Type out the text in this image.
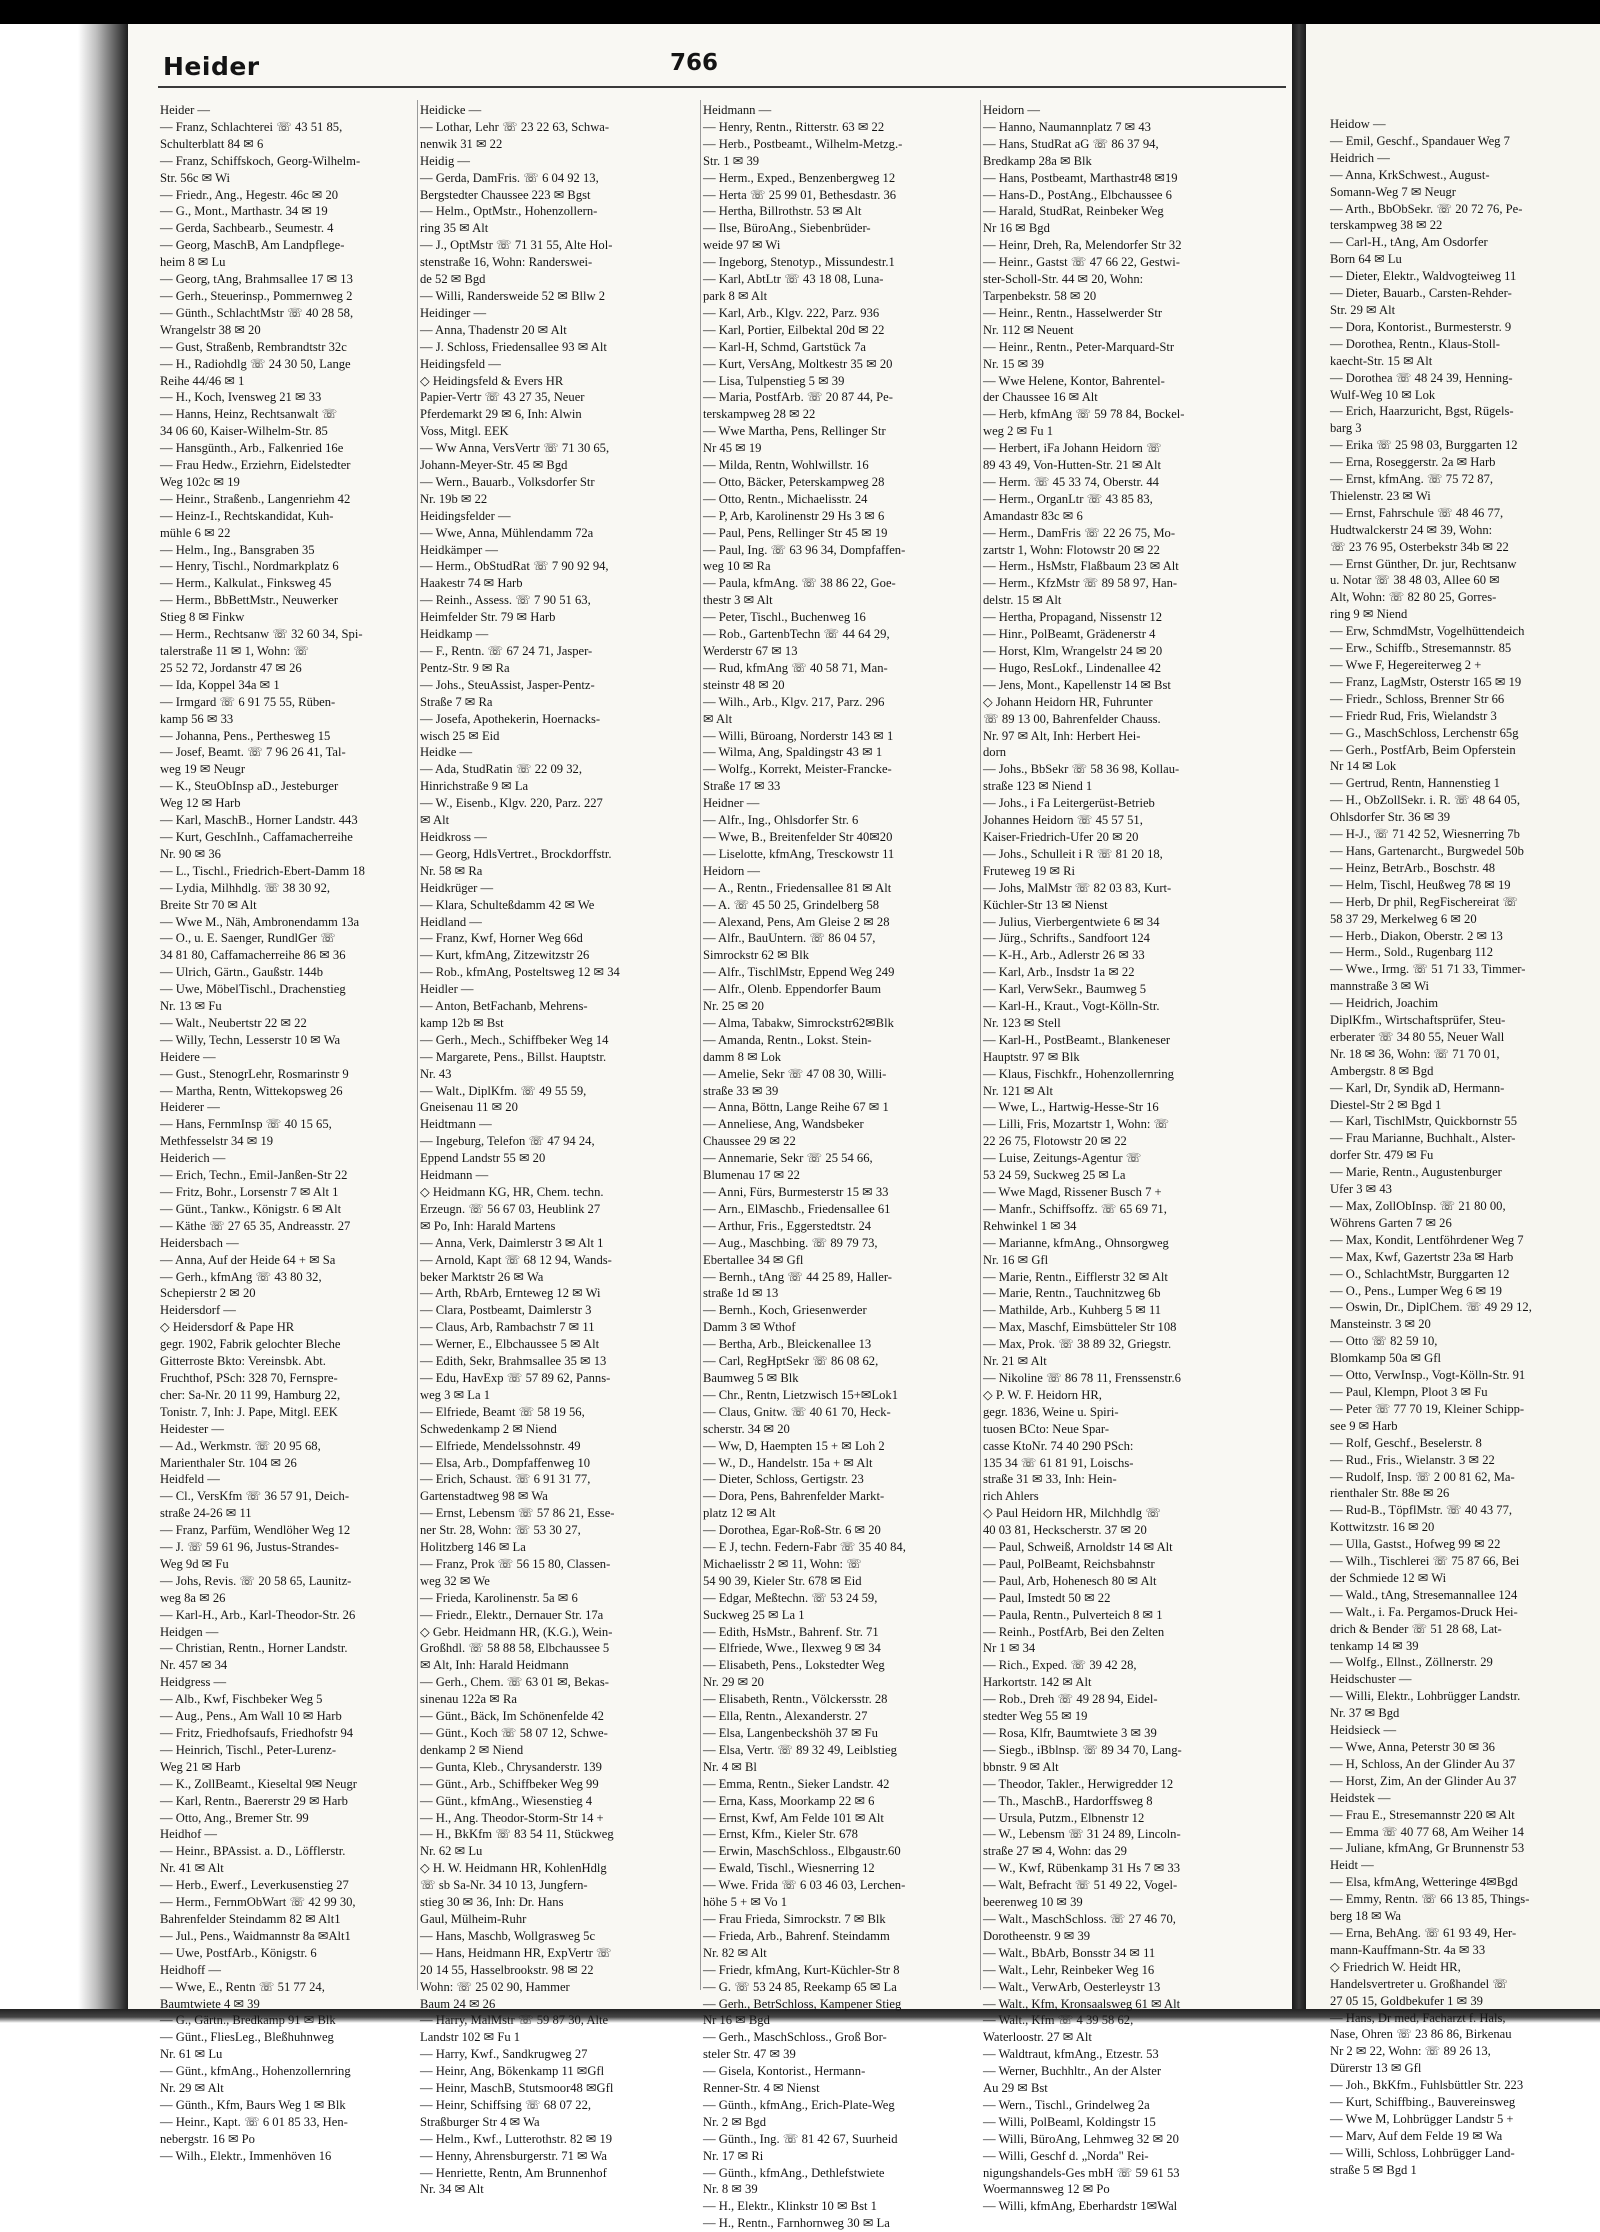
Heider	766
Heider —
— Franz, Schlachterei ☏ 43 51 85,
Schulterblatt 84 ✉ 6
— Franz, Schiffskoch, Georg-Wilhelm-
Str. 56c ✉ Wi
— Friedr., Ang., Hegestr. 46c ✉ 20
— G., Mont., Marthastr. 34 ✉ 19
— Gerda, Sachbearb., Seumestr. 4
— Georg, MaschB, Am Landpflege-
heim 8 ✉ Lu
— Georg, tAng, Brahmsallee 17 ✉ 13
— Gerh., Steuerinsp., Pommernweg 2
— Günth., SchlachtMstr ☏ 40 28 58,
Wrangelstr 38 ✉ 20
— Gust, Straßenb, Rembrandtstr 32c
— H., Radiohdlg ☏ 24 30 50, Lange
Reihe 44/46 ✉ 1
— H., Koch, Ivensweg 21 ✉ 33
— Hanns, Heinz, Rechtsanwalt ☏
34 06 60, Kaiser-Wilhelm-Str. 85
— Hansgünth., Arb., Falkenried 16e
— Frau Hedw., Erziehrn, Eidelstedter
Weg 102c ✉ 19
— Heinr., Straßenb., Langenriehm 42
— Heinz-I., Rechtskandidat, Kuh-
mühle 6 ✉ 22
— Helm., Ing., Bansgraben 35
— Henry, Tischl., Nordmarkplatz 6
— Herm., Kalkulat., Finksweg 45
— Herm., BbBettMstr., Neuwerker
Stieg 8 ✉ Finkw
— Herm., Rechtsanw ☏ 32 60 34, Spi-
talerstraße 11 ✉ 1, Wohn: ☏
25 52 72, Jordanstr 47 ✉ 26
— Ida, Koppel 34a ✉ 1
— Irmgard ☏ 6 91 75 55, Rüben-
kamp 56 ✉ 33
— Johanna, Pens., Perthesweg 15
— Josef, Beamt. ☏ 7 96 26 41, Tal-
weg 19 ✉ Neugr
— K., SteuObInsp aD., Jesteburger
Weg 12 ✉ Harb
— Karl, MaschB., Horner Landstr. 443
— Kurt, GeschInh., Caffamacherreihe
Nr. 90 ✉ 36
— L., Tischl., Friedrich-Ebert-Damm 18
— Lydia, Milhhdlg. ☏ 38 30 92,
Breite Str 70 ✉ Alt
— Wwe M., Näh, Ambronendamm 13a
— O., u. E. Saenger, RundlGer ☏
34 81 80, Caffamacherreihe 86 ✉ 36
— Ulrich, Gärtn., Gaußstr. 144b
— Uwe, MöbelTischl., Drachenstieg
Nr. 13 ✉ Fu
— Walt., Neubertstr 22 ✉ 22
— Willy, Techn, Lesserstr 10 ✉ Wa
Heidere —
— Gust., StenogrLehr, Rosmarinstr 9
— Martha, Rentn, Wittekopsweg 26
Heiderer —
— Hans, FernmInsp ☏ 40 15 65,
Methfesselstr 34 ✉ 19
Heiderich —
— Erich, Techn., Emil-Janßen-Str 22
— Fritz, Bohr., Lorsenstr 7 ✉ Alt 1
— Günt., Tankw., Königstr. 6 ✉ Alt
— Käthe ☏ 27 65 35, Andreasstr. 27
Heidersbach —
— Anna, Auf der Heide 64 + ✉ Sa
— Gerh., kfmAng ☏ 43 80 32,
Schepierstr 2 ✉ 20
Heidersdorf —
◇ Heidersdorf & Pape HR
gegr. 1902, Fabrik gelochter Bleche
Gitterroste Bkto: Vereinsbk. Abt.
Fruchthof, PSch: 328 70, Fernspre-
cher: Sa-Nr. 20 11 99, Hamburg 22,
Tonistr. 7, Inh: J. Pape, Mitgl. EEK
Heidester —
— Ad., Werkmstr. ☏ 20 95 68,
Marienthaler Str. 104 ✉ 26
Heidfeld —
— Cl., VersKfm ☏ 36 57 91, Deich-
straße 24-26 ✉ 11
— Franz, Parfüm, Wendlöher Weg 12
— J. ☏ 59 61 96, Justus-Strandes-
Weg 9d ✉ Fu
— Johs, Revis. ☏ 20 58 65, Launitz-
weg 8a ✉ 26
— Karl-H., Arb., Karl-Theodor-Str. 26
Heidgen —
— Christian, Rentn., Horner Landstr.
Nr. 457 ✉ 34
Heidgress —
— Alb., Kwf, Fischbeker Weg 5
— Aug., Pens., Am Wall 10 ✉ Harb
— Fritz, Friedhofsaufs, Friedhofstr 94
— Heinrich, Tischl., Peter-Lurenz-
Weg 21 ✉ Harb
— K., ZollBeamt., Kieseltal 9✉ Neugr
— Karl, Rentn., Baererstr 29 ✉ Harb
— Otto, Ang., Bremer Str. 99
Heidhof —
— Heinr., BPAssist. a. D., Löfflerstr.
Nr. 41 ✉ Alt
— Herb., Ewerf., Leverkusenstieg 27
— Herm., FernmObWart ☏ 42 99 30,
Bahrenfelder Steindamm 82 ✉ Alt1
— Jul., Pens., Waidmannstr 8a ✉Alt1
— Uwe, PostfArb., Königstr. 6
Heidhoff —
— Wwe, E., Rentn ☏ 51 77 24,
Baumtwiete 4 ✉ 39
— G., Gärtn., Bredkamp 91 ✉ Blk
— Günt., FliesLeg., Bleßhuhnweg
Nr. 61 ✉ Lu
— Günt., kfmAng., Hohenzollernring
Nr. 29 ✉ Alt
— Günth., Kfm, Baurs Weg 1 ✉ Blk
— Heinr., Kapt. ☏ 6 01 85 33, Hen-
nebergstr. 16 ✉ Po
— Wilh., Elektr., Immenhöven 16
Heidicke —
— Lothar, Lehr ☏ 23 22 63, Schwa-
nenwik 31 ✉ 22
Heidig —
— Gerda, DamFris. ☏ 6 04 92 13,
Bergstedter Chaussee 223 ✉ Bgst
— Helm., OptMstr., Hohenzollern-
ring 35 ✉ Alt
— J., OptMstr ☏ 71 31 55, Alte Hol-
stenstraße 16, Wohn: Randerswei-
de 52 ✉ Bgd
— Willi, Randersweide 52 ✉ Bllw 2
Heidinger —
— Anna, Thadenstr 20 ✉ Alt
— J. Schloss, Friedensallee 93 ✉ Alt
Heidingsfeld —
◇ Heidingsfeld & Evers HR
Papier-Vertr ☏ 43 27 35, Neuer
Pferdemarkt 29 ✉ 6, Inh: Alwin
Voss, Mitgl. EEK
— Ww Anna, VersVertr ☏ 71 30 65,
Johann-Meyer-Str. 45 ✉ Bgd
— Wern., Bauarb., Volksdorfer Str
Nr. 19b ✉ 22
Heidingsfelder —
— Wwe, Anna, Mühlendamm 72a
Heidkämper —
— Herm., ObStudRat ☏ 7 90 92 94,
Haakestr 74 ✉ Harb
— Reinh., Assess. ☏ 7 90 51 63,
Heimfelder Str. 79 ✉ Harb
Heidkamp —
— F., Rentn. ☏ 67 24 71, Jasper-
Pentz-Str. 9 ✉ Ra
— Johs., SteuAssist, Jasper-Pentz-
Straße 7 ✉ Ra
— Josefa, Apothekerin, Hoernacks-
wisch 25 ✉ Eid
Heidke —
— Ada, StudRatin ☏ 22 09 32,
Hinrichstraße 9 ✉ La
— W., Eisenb., Klgv. 220, Parz. 227
✉ Alt
Heidkross —
— Georg, HdlsVertret., Brockdorffstr.
Nr. 58 ✉ Ra
Heidkrüger —
— Klara, Schulteßdamm 42 ✉ We
Heidland —
— Franz, Kwf, Horner Weg 66d
— Kurt, kfmAng, Zitzewitzstr 26
— Rob., kfmAng, Posteltsweg 12 ✉ 34
Heidler —
— Anton, BetFachanb, Mehrens-
kamp 12b ✉ Bst
— Gerh., Mech., Schiffbeker Weg 14
— Margarete, Pens., Billst. Hauptstr.
Nr. 43
— Walt., DiplKfm. ☏ 49 55 59,
Gneisenau 11 ✉ 20
Heidtmann —
— Ingeburg, Telefon ☏ 47 94 24,
Eppend Landstr 55 ✉ 20
Heidmann —
◇ Heidmann KG, HR, Chem. techn.
Erzeugn. ☏ 56 67 03, Heublink 27
✉ Po, Inh: Harald Martens
— Anna, Verk, Daimlerstr 3 ✉ Alt 1
— Arnold, Kapt ☏ 68 12 94, Wands-
beker Marktstr 26 ✉ Wa
— Arth, RbArb, Ernteweg 12 ✉ Wi
— Clara, Postbeamt, Daimlerstr 3
— Claus, Arb, Rambachstr 7 ✉ 11
— Werner, E., Elbchaussee 5 ✉ Alt
— Edith, Sekr, Brahmsallee 35 ✉ 13
— Edu, HavExp ☏ 57 89 62, Panns-
weg 3 ✉ La 1
— Elfriede, Beamt ☏ 58 19 56,
Schwedenkamp 2 ✉ Niend
— Elfriede, Mendelssohnstr. 49
— Elsa, Arb., Dompfaffenweg 10
— Erich, Schaust. ☏ 6 91 31 77,
Gartenstadtweg 98 ✉ Wa
— Ernst, Lebensm ☏ 57 86 21, Esse-
ner Str. 28, Wohn: ☏ 53 30 27,
Holitzberg 146 ✉ La
— Franz, Prok ☏ 56 15 80, Classen-
weg 32 ✉ We
— Frieda, Karolinenstr. 5a ✉ 6
— Friedr., Elektr., Dernauer Str. 17a
◇ Gebr. Heidmann HR, (K.G.), Wein-
Großhdl. ☏ 58 88 58, Elbchaussee 5
✉ Alt, Inh: Harald Heidmann
— Gerh., Chem. ☏ 63 01 ✉, Bekas-
sinenau 122a ✉ Ra
— Günt., Bäck, Im Schönenfelde 42
— Günt., Koch ☏ 58 07 12, Schwe-
denkamp 2 ✉ Niend
— Gunta, Kleb., Chrysanderstr. 139
— Günt., Arb., Schiffbeker Weg 99
— Günt., kfmAng., Wiesenstieg 4
— H., Ang. Theodor-Storm-Str 14 +
— H., BkKfm ☏ 83 54 11, Stückweg
Nr. 62 ✉ Lu
◇ H. W. Heidmann HR, KohlenHdlg
☏ sb Sa-Nr. 34 10 13, Jungfern-
stieg 30 ✉ 36, Inh: Dr. Hans
Gaul, Mülheim-Ruhr
— Hans, Maschb, Wollgrasweg 5c
— Hans, Heidmann HR, ExpVertr ☏
20 14 55, Hasselbrookstr. 98 ✉ 22
Wohn: ☏ 25 02 90, Hammer
Baum 24 ✉ 26
— Harry, MalMstr ☏ 59 87 30, Alte
Landstr 102 ✉ Fu 1
— Harry, Kwf., Sandkrugweg 27
— Heinr, Ang, Bökenkamp 11 ✉Gfl
— Heinr, MaschB, Stutsmoor48 ✉Gfl
— Heinr, Schiffsing ☏ 68 07 22,
Straßburger Str 4 ✉ Wa
— Helm., Kwf., Lutterothstr. 82 ✉ 19
— Henny, Ahrensburgerstr. 71 ✉ Wa
— Henriette, Rentn, Am Brunnenhof
Nr. 34 ✉ Alt
Heidmann —
— Henry, Rentn., Ritterstr. 63 ✉ 22
— Herb., Postbeamt., Wilhelm-Metzg.-
Str. 1 ✉ 39
— Herm., Exped., Benzenbergweg 12
— Herta ☏ 25 99 01, Bethesdastr. 36
— Hertha, Billrothstr. 53 ✉ Alt
— Ilse, BüroAng., Siebenbrüder-
weide 97 ✉ Wi
— Ingeborg, Stenotyp., Missundestr.1
— Karl, AbtLtr ☏ 43 18 08, Luna-
park 8 ✉ Alt
— Karl, Arb., Klgv. 222, Parz. 936
— Karl, Portier, Eilbektal 20d ✉ 22
— Karl-H, Schmd, Gartstück 7a
— Kurt, VersAng, Moltkestr 35 ✉ 20
— Lisa, Tulpenstieg 5 ✉ 39
— Maria, PostfArb. ☏ 20 87 44, Pe-
terskampweg 28 ✉ 22
— Wwe Martha, Pens, Rellinger Str
Nr 45 ✉ 19
— Milda, Rentn, Wohlwillstr. 16
— Otto, Bäcker, Peterskampweg 28
— Otto, Rentn., Michaelisstr. 24
— P, Arb, Karolinenstr 29 Hs 3 ✉ 6
— Paul, Pens, Rellinger Str 45 ✉ 19
— Paul, Ing. ☏ 63 96 34, Dompfaffen-
weg 10 ✉ Ra
— Paula, kfmAng. ☏ 38 86 22, Goe-
thestr 3 ✉ Alt
— Peter, Tischl., Buchenweg 16
— Rob., GartenbTechn ☏ 44 64 29,
Werderstr 67 ✉ 13
— Rud, kfmAng ☏ 40 58 71, Man-
steinstr 48 ✉ 20
— Wilh., Arb., Klgv. 217, Parz. 296
✉ Alt
— Willi, Büroang, Norderstr 143 ✉ 1
— Wilma, Ang, Spaldingstr 43 ✉ 1
— Wolfg., Korrekt, Meister-Francke-
Straße 17 ✉ 33
Heidner —
— Alfr., Ing., Ohlsdorfer Str. 6
— Wwe, B., Breitenfelder Str 40✉20
— Liselotte, kfmAng, Tresckowstr 11
Heidorn —
— A., Rentn., Friedensallee 81 ✉ Alt
— A. ☏ 45 50 25, Grindelberg 58
— Alexand, Pens, Am Gleise 2 ✉ 28
— Alfr., BauUntern. ☏ 86 04 57,
Simrockstr 62 ✉ Blk
— Alfr., TischlMstr, Eppend Weg 249
— Alfr., Olenb. Eppendorfer Baum
Nr. 25 ✉ 20
— Alma, Tabakw, Simrockstr62✉Blk
— Amanda, Rentn., Lokst. Stein-
damm 8 ✉ Lok
— Amelie, Sekr ☏ 47 08 30, Willi-
straße 33 ✉ 39
— Anna, Böttn, Lange Reihe 67 ✉ 1
— Anneliese, Ang, Wandsbeker
Chaussee 29 ✉ 22
— Annemarie, Sekr ☏ 25 54 66,
Blumenau 17 ✉ 22
— Anni, Fürs, Burmesterstr 15 ✉ 33
— Arn., ElMaschb., Friedensallee 61
— Arthur, Fris., Eggerstedtstr. 24
— Aug., Maschbing. ☏ 89 79 73,
Ebertallee 34 ✉ Gfl
— Bernh., tAng ☏ 44 25 89, Haller-
straße 1d ✉ 13
— Bernh., Koch, Griesenwerder
Damm 3 ✉ Wthof
— Bertha, Arb., Bleickenallee 13
— Carl, RegHptSekr ☏ 86 08 62,
Baumweg 5 ✉ Blk
— Chr., Rentn, Lietzwisch 15+✉Lok1
— Claus, Gnitw. ☏ 40 61 70, Heck-
scherstr. 34 ✉ 20
— Ww, D, Haempten 15 + ✉ Loh 2
— W., D., Handelstr. 15a + ✉ Alt
— Dieter, Schloss, Gertigstr. 23
— Dora, Pens, Bahrenfelder Markt-
platz 12 ✉ Alt
— Dorothea, Egar-Roß-Str. 6 ✉ 20
— E J, techn. Federn-Fabr ☏ 35 40 84,
Michaelisstr 2 ✉ 11, Wohn: ☏
54 90 39, Kieler Str. 678 ✉ Eid
— Edgar, Meßtechn. ☏ 53 24 59,
Suckweg 25 ✉ La 1
— Edith, HsMstr., Bahrenf. Str. 71
— Elfriede, Wwe., Ilexweg 9 ✉ 34
— Elisabeth, Pens., Lokstedter Weg
Nr. 29 ✉ 20
— Elisabeth, Rentn., Völckersstr. 28
— Ella, Rentn., Alexanderstr. 27
— Elsa, Langenbeckshöh 37 ✉ Fu
— Elsa, Vertr. ☏ 89 32 49, Leiblstieg
Nr. 4 ✉ Bl
— Emma, Rentn., Sieker Landstr. 42
— Erna, Kass, Moorkamp 22 ✉ 6
— Ernst, Kwf, Am Felde 101 ✉ Alt
— Ernst, Kfm., Kieler Str. 678
— Erwin, MaschSchloss., Elbgaustr.60
— Ewald, Tischl., Wiesnerring 12
— Wwe. Frida ☏ 6 03 46 03, Lerchen-
höhe 5 + ✉ Vo 1
— Frau Frieda, Simrockstr. 7 ✉ Blk
— Frieda, Arb., Bahrenf. Steindamm
Nr. 82 ✉ Alt
— Friedr, kfmAng, Kurt-Küchler-Str 8
— G. ☏ 53 24 85, Reekamp 65 ✉ La
— Gerh., BetrSchloss, Kampener Stieg
Nr 16 ✉ Bgd
— Gerh., MaschSchloss., Groß Bor-
steler Str. 47 ✉ 39
— Gisela, Kontorist., Hermann-
Renner-Str. 4 ✉ Nienst
— Günth., kfmAng., Erich-Plate-Weg
Nr. 2 ✉ Bgd
— Günth., Ing. ☏ 81 42 67, Suurheid
Nr. 17 ✉ Ri
— Günth., kfmAng., Dethlefstwiete
Nr. 8 ✉ 39
— H., Elektr., Klinkstr 10 ✉ Bst 1
— H., Rentn., Farnhornweg 30 ✉ La
Heidorn —
— Hanno, Naumannplatz 7 ✉ 43
— Hans, StudRat aG ☏ 86 37 94,
Bredkamp 28a ✉ Blk
— Hans, Postbeamt, Marthastr48 ✉19
— Hans-D., PostAng., Elbchaussee 6
— Harald, StudRat, Reinbeker Weg
Nr 16 ✉ Bgd
— Heinr, Dreh, Ra, Melendorfer Str 32
— Heinr., Gastst ☏ 47 66 22, Gestwi-
ster-Scholl-Str. 44 ✉ 20, Wohn:
Tarpenbekstr. 58 ✉ 20
— Heinr., Rentn., Hasselwerder Str
Nr. 112 ✉ Neuent
— Heinr., Rentn., Peter-Marquard-Str
Nr. 15 ✉ 39
— Wwe Helene, Kontor, Bahrentel-
der Chaussee 16 ✉ Alt
— Herb, kfmAng ☏ 59 78 84, Bockel-
weg 2 ✉ Fu 1
— Herbert, iFa Johann Heidorn ☏
89 43 49, Von-Hutten-Str. 21 ✉ Alt
— Herm. ☏ 45 33 74, Oberstr. 44
— Herm., OrganLtr ☏ 43 85 83,
Amandastr 83c ✉ 6
— Herm., DamFris ☏ 22 26 75, Mo-
zartstr 1, Wohn: Flotowstr 20 ✉ 22
— Herm., HsMstr, Flaßbaum 23 ✉ Alt
— Herm., KfzMstr ☏ 89 58 97, Han-
delstr. 15 ✉ Alt
— Hertha, Propagand, Nissenstr 12
— Hinr., PolBeamt, Grädenerstr 4
— Horst, Klm, Wrangelstr 24 ✉ 20
— Hugo, ResLokf., Lindenallee 42
— Jens, Mont., Kapellenstr 14 ✉ Bst
◇ Johann Heidorn HR, Fuhrunter
☏ 89 13 00, Bahrenfelder Chauss.
Nr. 97 ✉ Alt, Inh: Herbert Hei-
dorn
— Johs., BbSekr ☏ 58 36 98, Kollau-
straße 123 ✉ Niend 1
— Johs., i Fa Leitergerüst-Betrieb
Johannes Heidorn ☏ 45 57 51,
Kaiser-Friedrich-Ufer 20 ✉ 20
— Johs., Schulleit i R ☏ 81 20 18,
Fruteweg 19 ✉ Ri
— Johs, MalMstr ☏ 82 03 83, Kurt-
Küchler-Str 13 ✉ Nienst
— Julius, Vierbergentwiete 6 ✉ 34
— Jürg., Schrifts., Sandfoort 124
— K-H., Arb., Adlerstr 26 ✉ 33
— Karl, Arb., Insdstr 1a ✉ 22
— Karl, VerwSekr., Baumweg 5
— Karl-H., Kraut., Vogt-Kölln-Str.
Nr. 123 ✉ Stell
— Karl-H., PostBeamt., Blankeneser
Hauptstr. 97 ✉ Blk
— Klaus, Fischkfr., Hohenzollernring
Nr. 121 ✉ Alt
— Wwe, L., Hartwig-Hesse-Str 16
— Lilli, Fris, Mozartstr 1, Wohn: ☏
22 26 75, Flotowstr 20 ✉ 22
— Luise, Zeitungs-Agentur ☏
53 24 59, Suckweg 25 ✉ La
— Wwe Magd, Rissener Busch 7 +
— Manfr., Schiffsoffz. ☏ 65 69 71,
Rehwinkel 1 ✉ 34
— Marianne, kfmAng., Ohnsorgweg
Nr. 16 ✉ Gfl
— Marie, Rentn., Eifflerstr 32 ✉ Alt
— Marie, Rentn., Tauchnitzweg 6b
— Mathilde, Arb., Kuhberg 5 ✉ 11
— Max, Maschf, Eimsbütteler Str 108
— Max, Prok. ☏ 38 89 32, Griegstr.
Nr. 21 ✉ Alt
— Nikoline ☏ 86 78 11, Frenssenstr.6
◇ P. W. F. Heidorn HR,
gegr. 1836, Weine u. Spiri-
tuosen BCto: Neue Spar-
casse KtoNr. 74 40 290 PSch:
135 34 ☏ 61 81 91, Loischs-
straße 31 ✉ 33, Inh: Hein-
rich Ahlers
◇ Paul Heidorn HR, Milchhdlg ☏
40 03 81, Heckscherstr. 37 ✉ 20
— Paul, Schweiß, Arnoldstr 14 ✉ Alt
— Paul, PolBeamt, Reichsbahnstr
— Paul, Arb, Hohenesch 80 ✉ Alt
— Paul, Imstedt 50 ✉ 22
— Paula, Rentn., Pulverteich 8 ✉ 1
— Reinh., PostfArb, Bei den Zelten
Nr 1 ✉ 34
— Rich., Exped. ☏ 39 42 28,
Harkortstr. 142 ✉ Alt
— Rob., Dreh ☏ 49 28 94, Eidel-
stedter Weg 55 ✉ 19
— Rosa, Klfr, Baumtwiete 3 ✉ 39
— Siegb., iBblnsp. ☏ 89 34 70, Lang-
bbnstr. 9 ✉ Alt
— Theodor, Takler., Herwigredder 12
— Th., MaschB., Hardorffsweg 8
— Ursula, Putzm., Elbnenstr 12
— W., Lebensm ☏ 31 24 89, Lincoln-
straße 27 ✉ 4, Wohn: das 29
— W., Kwf, Rübenkamp 31 Hs 7 ✉ 33
— Walt, Befracht ☏ 51 49 22, Vogel-
beerenweg 10 ✉ 39
— Walt., MaschSchloss. ☏ 27 46 70,
Dorotheenstr. 9 ✉ 39
— Walt., BbArb, Bonsstr 34 ✉ 11
— Walt., Lehr, Reinbeker Weg 16
— Walt., VerwArb, Oesterleystr 13
— Walt., Kfm, Kronsaalsweg 61 ✉ Alt
— Walt., Kfm ☏ 4 39 58 62,
Waterloostr. 27 ✉ Alt
— Waldtraut, kfmAng., Etzestr. 53
— Werner, Buchhltr., An der Alster
Au 29 ✉ Bst
— Wern., Tischl., Grindelweg 2a
— Willi, PolBeaml, Koldingstr 15
— Willi, BüroAng, Lehmweg 32 ✉ 20
— Willi, Geschf d. „Norda" Rei-
nigungshandels-Ges mbH ☏ 59 61 53
Woermannsweg 12 ✉ Po
— Willi, kfmAng, Eberhardstr 1✉Wal
Heidow —
— Emil, Geschf., Spandauer Weg 7
Heidrich —
— Anna, KrkSchwest., August-
Somann-Weg 7 ✉ Neugr
— Arth., BbObSekr. ☏ 20 72 76, Pe-
terskampweg 38 ✉ 22
— Carl-H., tAng, Am Osdorfer
Born 64 ✉ Lu
— Dieter, Elektr., Waldvogteiweg 11
— Dieter, Bauarb., Carsten-Rehder-
Str. 29 ✉ Alt
— Dora, Kontorist., Burmesterstr. 9
— Dorothea, Rentn., Klaus-Stoll-
kaecht-Str. 15 ✉ Alt
— Dorothea ☏ 48 24 39, Henning-
Wulf-Weg 10 ✉ Lok
— Erich, Haarzuricht, Bgst, Rügels-
barg 3
— Erika ☏ 25 98 03, Burggarten 12
— Erna, Roseggerstr. 2a ✉ Harb
— Ernst, kfmAng. ☏ 75 72 87,
Thielenstr. 23 ✉ Wi
— Ernst, Fahrschule ☏ 48 46 77,
Hudtwalckerstr 24 ✉ 39, Wohn:
☏ 23 76 95, Osterbekstr 34b ✉ 22
— Ernst Günther, Dr. jur, Rechtsanw
u. Notar ☏ 38 48 03, Allee 60 ✉
Alt, Wohn: ☏ 82 80 25, Gorres-
ring 9 ✉ Niend
— Erw, SchmdMstr, Vogelhüttendeich
— Erw., Schiffb., Stresemannstr. 85
— Wwe F, Hegereiterweg 2 +
— Franz, LagMstr, Osterstr 165 ✉ 19
— Friedr., Schloss, Brenner Str 66
— Friedr Rud, Fris, Wielandstr 3
— G., MaschSchloss, Lerchenstr 65g
— Gerh., PostfArb, Beim Opferstein
Nr 14 ✉ Lok
— Gertrud, Rentn, Hannenstieg 1
— H., ObZollSekr. i. R. ☏ 48 64 05,
Ohlsdorfer Str. 36 ✉ 39
— H-J., ☏ 71 42 52, Wiesnerring 7b
— Hans, Gartenarcht., Burgwedel 50b
— Heinz, BetrArb., Boschstr. 48
— Helm, Tischl, Heußweg 78 ✉ 19
— Herb, Dr phil, RegFischereirat ☏
58 37 29, Merkelweg 6 ✉ 20
— Herb., Diakon, Oberstr. 2 ✉ 13
— Herm., Sold., Rugenbarg 112
— Wwe., Irmg. ☏ 51 71 33, Timmer-
mannstraße 3 ✉ Wi
— Heidrich, Joachim
DiplKfm., Wirtschaftsprüfer, Steu-
erberater ☏ 34 80 55, Neuer Wall
Nr. 18 ✉ 36, Wohn: ☏ 71 70 01,
Ambergstr. 8 ✉ Bgd
— Karl, Dr, Syndik aD, Hermann-
Diestel-Str 2 ✉ Bgd 1
— Karl, TischlMstr, Quickbornstr 55
— Frau Marianne, Buchhalt., Alster-
dorfer Str. 479 ✉ Fu
— Marie, Rentn., Augustenburger
Ufer 3 ✉ 43
— Max, ZollObInsp. ☏ 21 80 00,
Wöhrens Garten 7 ✉ 26
— Max, Kondit, Lentföhrdener Weg 7
— Max, Kwf, Gazertstr 23a ✉ Harb
— O., SchlachtMstr, Burggarten 12
— O., Pens., Lumper Weg 6 ✉ 19
— Oswin, Dr., DiplChem. ☏ 49 29 12,
Mansteinstr. 3 ✉ 20
— Otto ☏ 82 59 10,
Blomkamp 50a ✉ Gfl
— Otto, VerwInsp., Vogt-Kölln-Str. 91
— Paul, Klempn, Ploot 3 ✉ Fu
— Peter ☏ 77 70 19, Kleiner Schipp-
see 9 ✉ Harb
— Rolf, Geschf., Beselerstr. 8
— Rud., Fris., Wielanstr. 3 ✉ 22
— Rudolf, Insp. ☏ 2 00 81 62, Ma-
rienthaler Str. 88e ✉ 26
— Rud-B., TöpflMstr. ☏ 40 43 77,
Kottwitzstr. 16 ✉ 20
— Ulla, Gastst., Hofweg 99 ✉ 22
— Wilh., Tischlerei ☏ 75 87 66, Bei
der Schmiede 12 ✉ Wi
— Wald., tAng, Stresemannallee 124
— Walt., i. Fa. Pergamos-Druck Hei-
drich & Bender ☏ 51 28 68, Lat-
tenkamp 14 ✉ 39
— Wolfg., Ellnst., Zöllnerstr. 29
Heidschuster —
— Willi, Elektr., Lohbrügger Landstr.
Nr. 37 ✉ Bgd
Heidsieck —
— Wwe, Anna, Peterstr 30 ✉ 36
— H, Schloss, An der Glinder Au 37
— Horst, Zim, An der Glinder Au 37
Heidstek —
— Frau E., Stresemannstr 220 ✉ Alt
— Emma ☏ 40 77 68, Am Weiher 14
— Juliane, kfmAng, Gr Brunnenstr 53
Heidt —
— Elsa, kfmAng, Wetteringe 4✉Bgd
— Emmy, Rentn. ☏ 66 13 85, Things-
berg 18 ✉ Wa
— Erna, BehAng. ☏ 61 93 49, Her-
mann-Kauffmann-Str. 4a ✉ 33
◇ Friedrich W. Heidt HR,
Handelsvertreter u. Großhandel ☏
27 05 15, Goldbekufer 1 ✉ 39
— Hans, Dr med, Facharzt f. Hals,
Nase, Ohren ☏ 23 86 86, Birkenau
Nr 2 ✉ 22, Wohn: ☏ 89 26 13,
Dürerstr 13 ✉ Gfl
— Joh., BkKfm., Fuhlsbüttler Str. 223
— Kurt, Schiffbing., Bauvereinsweg
— Wwe M, Lohbrügger Landstr 5 +
— Marv, Auf dem Felde 19 ✉ Wa
— Willi, Schloss, Lohbrügger Land-
straße 5 ✉ Bgd 1
